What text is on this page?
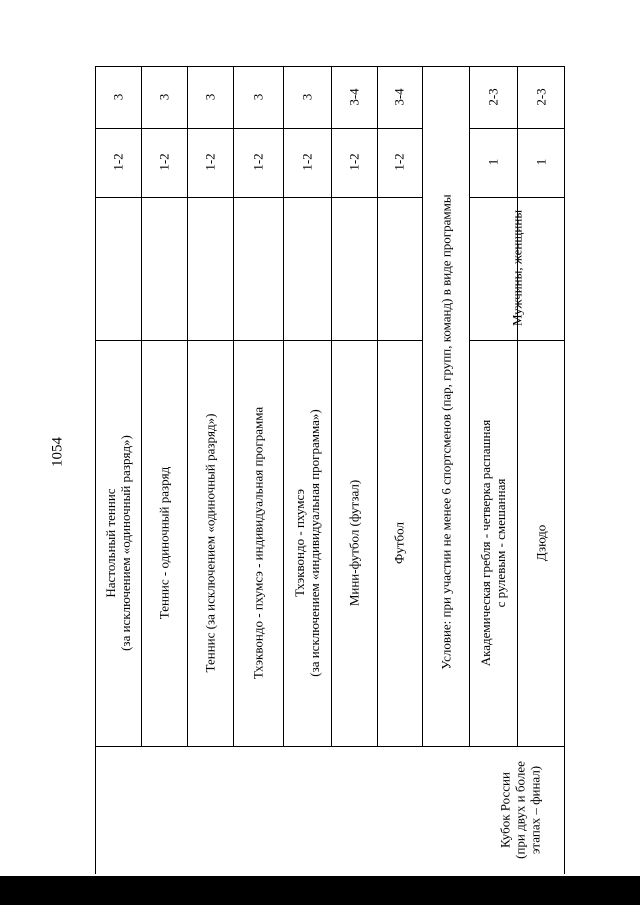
1054
Кубок России (при двух и более этапах – финал)
Настольный теннис (за исключением «одиночный разряд»)
1-2
3
Теннис - одиночный разряд
1-2
3
Теннис (за исключением «одиночный разряд»)
1-2
3
Тхэквондо - пхумсэ - индивидуальная программа
1-2
3
Тхэквондо - пхумсэ (за исключением «индивидуальная программа»)
1-2
3
Мини-футбол (футзал)
1-2
3-4
Футбол
1-2
3-4
Условие: при участии не менее 6 спортсменов (пар, групп, команд) в виде программы Академическая гребля - четверка распашная с рулевым - смешанная
1
2-3
Мужчины, женщины
Дзюдо
1
2-3
